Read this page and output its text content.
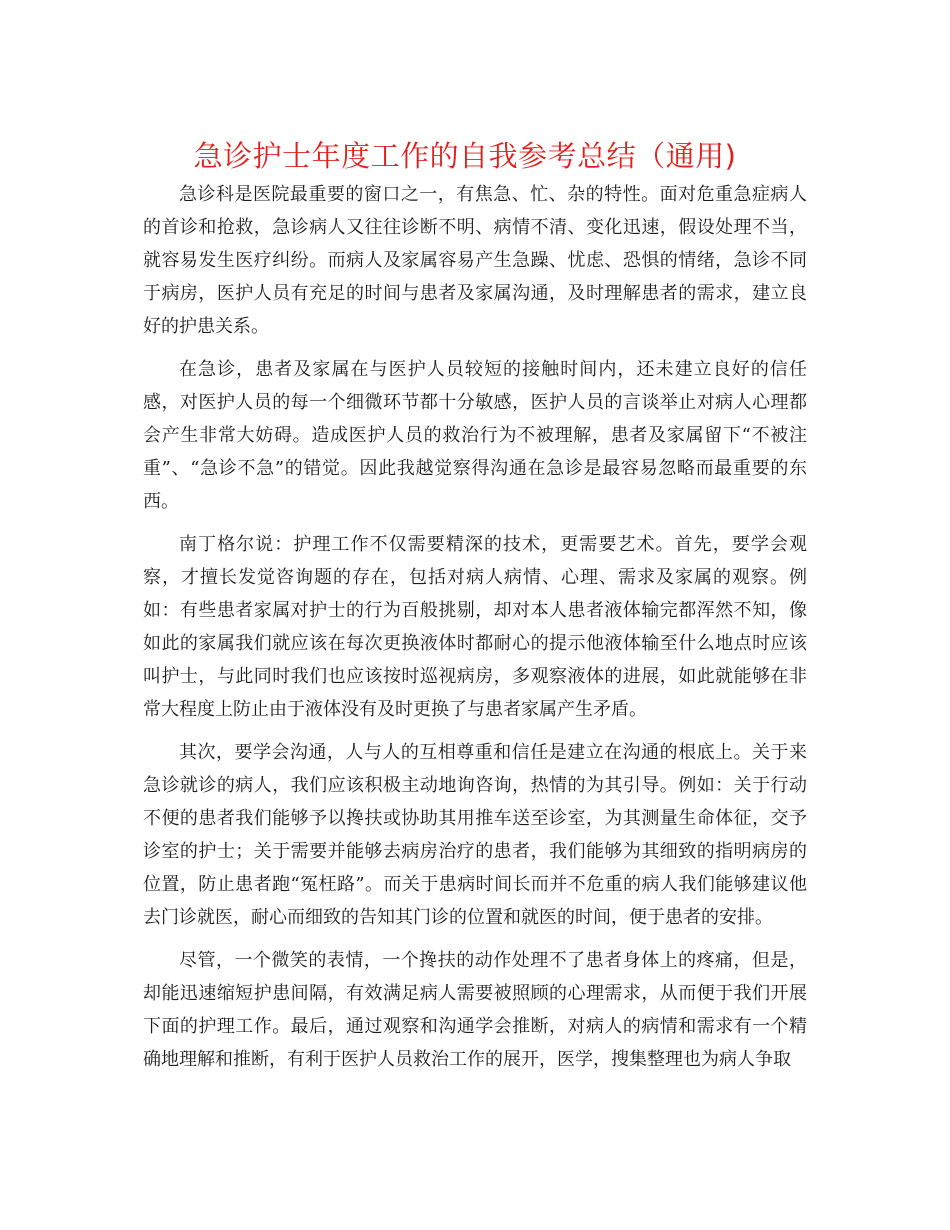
急诊护士年度工作的自我参考总结（通用)

急诊科是医院最重要的窗口之一，有焦急、忙、杂的特性。面对危重急症病人的首诊和抢救，急诊病人又往往诊断不明、病情不清、变化迅速，假设处理不当，就容易发生医疗纠纷。而病人及家属容易产生急躁、忧虑、恐惧的情绪，急诊不同于病房，医护人员有充足的时间与患者及家属沟通，及时理解患者的需求，建立良好的护患关系。

在急诊，患者及家属在与医护人员较短的接触时间内，还未建立良好的信任感，对医护人员的每一个细微环节都十分敏感，医护人员的言谈举止对病人心理都会产生非常大妨碍。造成医护人员的救治行为不被理解，患者及家属留下“不被注重”、“急诊不急”的错觉。因此我越觉察得沟通在急诊是最容易忽略而最重要的东西。

南丁格尔说：护理工作不仅需要精深的技术，更需要艺术。首先，要学会观察，才擅长发觉咨询题的存在，包括对病人病情、心理、需求及家属的观察。例如：有些患者家属对护士的行为百般挑剔，却对本人患者液体输完都浑然不知，像如此的家属我们就应该在每次更换液体时都耐心的提示他液体输至什么地点时应该叫护士，与此同时我们也应该按时巡视病房，多观察液体的进展，如此就能够在非常大程度上防止由于液体没有及时更换了与患者家属产生矛盾。

其次，要学会沟通，人与人的互相尊重和信任是建立在沟通的根底上。关于来急诊就诊的病人，我们应该积极主动地询咨询，热情的为其引导。例如：关于行动不便的患者我们能够予以搀扶或协助其用推车送至诊室，为其测量生命体征，交予诊室的护士；关于需要并能够去病房治疗的患者，我们能够为其细致的指明病房的位置，防止患者跑“冤枉路”。而关于患病时间长而并不危重的病人我们能够建议他去门诊就医，耐心而细致的告知其门诊的位置和就医的时间，便于患者的安排。

尽管，一个微笑的表情，一个搀扶的动作处理不了患者身体上的疼痛，但是，却能迅速缩短护患间隔，有效满足病人需要被照顾的心理需求，从而便于我们开展下面的护理工作。最后，通过观察和沟通学会推断，对病人的病情和需求有一个精确地理解和推断，有利于医护人员救治工作的展开，医学，搜集整理也为病人争取
